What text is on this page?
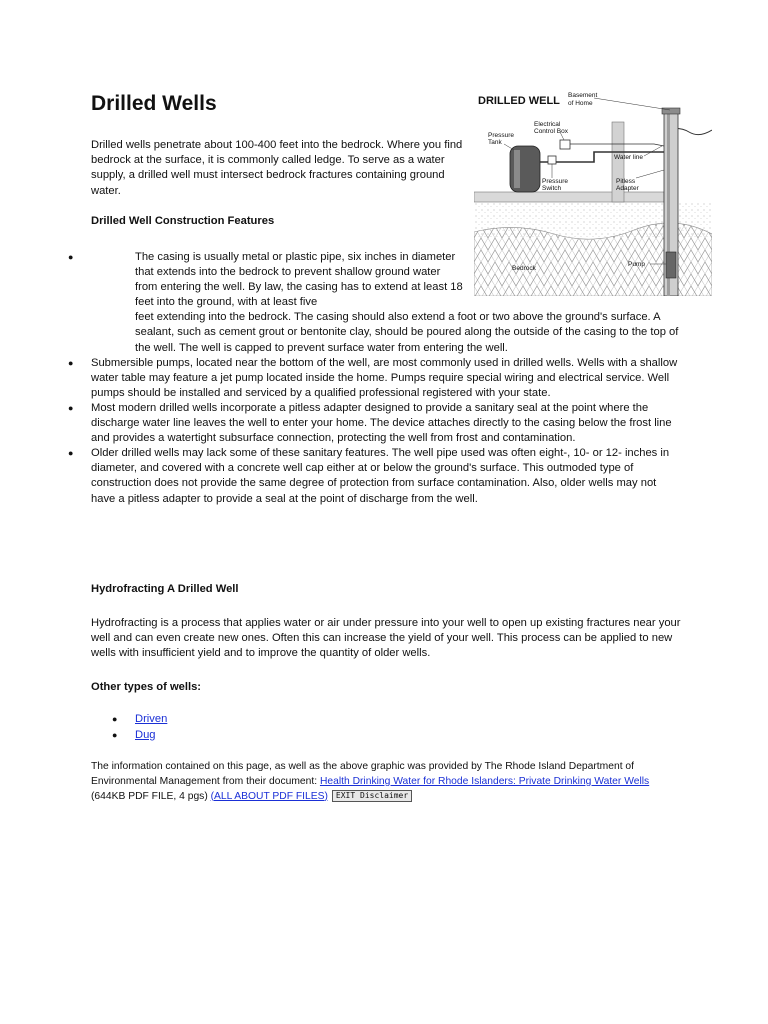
Drilled Wells	DRILLED WELL Basement
of Home
Electrical
Control Box
Pressure
Tank
Water line
Pressure
Switch
Pitless
Adapter
Bedrock
Pump

Drilled wells penetrate about 100-400 feet into the bedrock. Where you find bedrock at the surface, it is commonly called ledge. To serve as a water supply, a drilled well must intersect bedrock fractures containing ground water.

Drilled Well Construction Features
●	The casing is usually metal or plastic pipe, six inches in diameter that extends into the bedrock to prevent shallow ground water from entering the well. By law, the casing has to extend at least 18 feet into the ground, with at least five
feet extending into the bedrock. The casing should also extend a foot or two above the ground's surface. A sealant, such as cement grout or bentonite clay, should be poured along the outside of the casing to the top of the well. The well is capped to prevent surface water from entering the well.
● Submersible pumps, located near the bottom of the well, are most commonly used in drilled wells. Wells with a shallow water table may feature a jet pump located inside the home. Pumps require special wiring and electrical service. Well pumps should be installed and serviced by a qualified professional registered with your state.
● Most modern drilled wells incorporate a pitless adapter designed to provide a sanitary seal at the point where the discharge water line leaves the well to enter your home. The device attaches directly to the casing below the frost line and provides a watertight subsurface connection, protecting the well from frost and contamination.
● Older drilled wells may lack some of these sanitary features. The well pipe used was often eight-, 10- or 12- inches in diameter, and covered with a concrete well cap either at or below the ground's surface. This outmoded type of construction does not provide the same degree of protection from surface contamination. Also, older wells may not have a pitless adapter to provide a seal at the point of discharge from the well.
Hydrofracting A Drilled Well

Hydrofracting is a process that applies water or air under pressure into your well to open up existing fractures near your well and can even create new ones. Often this can increase the yield of your well. This process can be applied to new wells with insufficient yield and to improve the quantity of older wells.

Other types of wells:
● Driven
● Dug

The information contained on this page, as well as the above graphic was provided by The Rhode Island Department of Environmental Management from their document: Health Drinking Water for Rhode Islanders: Private Drinking Water Wells (644KB PDF FILE, 4 pgs) (ALL ABOUT PDF FILES) EXIT Disclaimer
